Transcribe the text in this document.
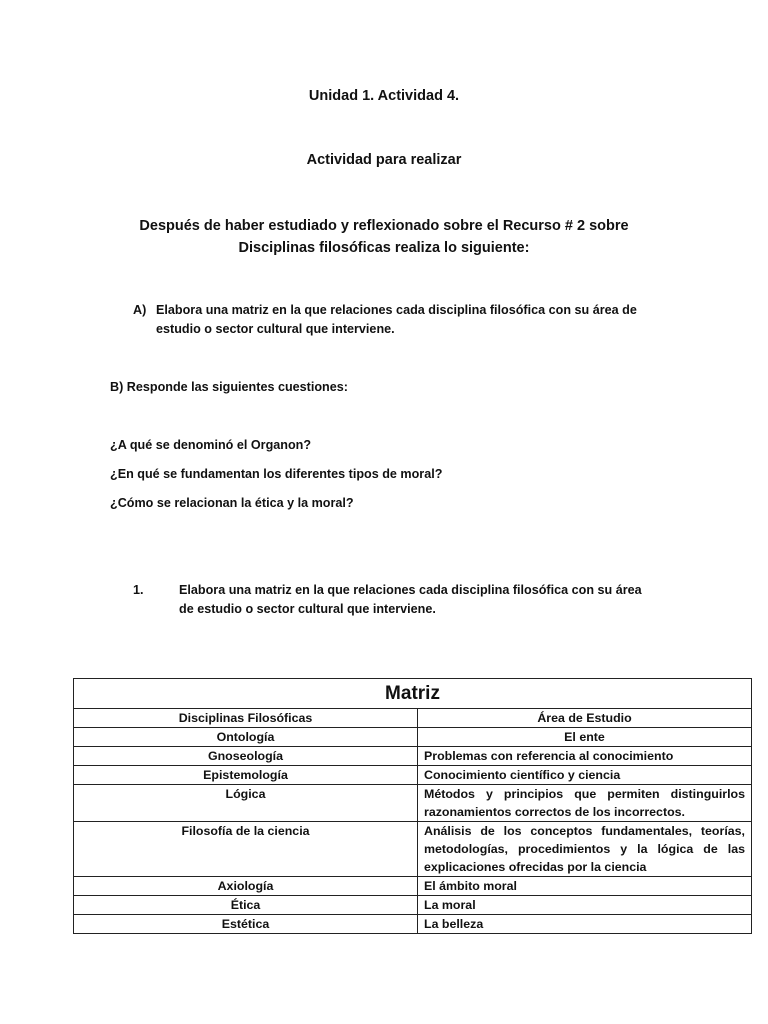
Unidad 1. Actividad 4.
Actividad para realizar
Después de haber estudiado y reflexionado sobre el Recurso # 2 sobre
Disciplinas filosóficas realiza lo siguiente:
A) Elabora una matriz en la que relaciones cada disciplina filosófica con su área de
estudio o sector cultural que interviene.
B) Responde las siguientes cuestiones:
¿A qué se denominó el Organon?
¿En qué se fundamentan los diferentes tipos de moral?
¿Cómo se relacionan la ética y la moral?
1.	Elabora una matriz en la que relaciones cada disciplina filosófica con su área
de estudio o sector cultural que interviene.
Matriz	
Disciplinas Filosóficas	Área de Estudio
Ontología	El ente
Gnoseología	Problemas con referencia al conocimiento
Epistemología	Conocimiento científico y ciencia
Lógica	Métodos y principios que permiten distinguirlos razonamientos correctos de los incorrectos.
Filosofía de la ciencia	Análisis de los conceptos fundamentales, teorías, metodologías, procedimientos y la lógica de las explicaciones ofrecidas por la ciencia
Axiología	El ámbito moral
Ética	La moral
Estética	La belleza
